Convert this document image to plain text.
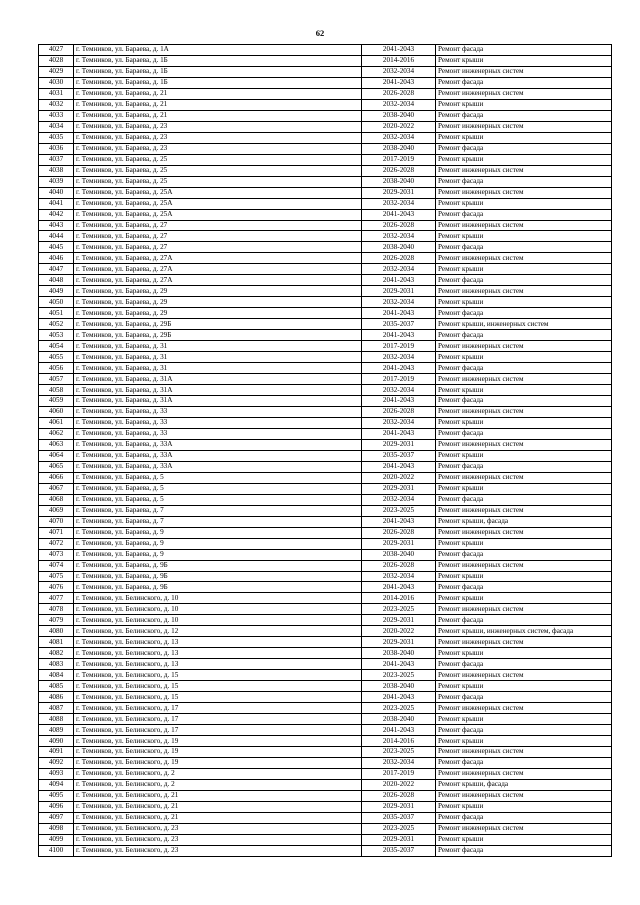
62
4027	г. Темников, ул. Бараева, д. 1А	2041-2043	Ремонт фасада
4028	г. Темников, ул. Бараева, д. 1Б	2014-2016	Ремонт крыши
4029	г. Темников, ул. Бараева, д. 1Б	2032-2034	Ремонт инженерных систем
4030	г. Темников, ул. Бараева, д. 1Б	2041-2043	Ремонт фасада
4031	г. Темников, ул. Бараева, д. 21	2026-2028	Ремонт инженерных систем
4032	г. Темников, ул. Бараева, д. 21	2032-2034	Ремонт крыши
4033	г. Темников, ул. Бараева, д. 21	2038-2040	Ремонт фасада
4034	г. Темников, ул. Бараева, д. 23	2020-2022	Ремонт инженерных систем
4035	г. Темников, ул. Бараева, д. 23	2032-2034	Ремонт крыши
4036	г. Темников, ул. Бараева, д. 23	2038-2040	Ремонт фасада
4037	г. Темников, ул. Бараева, д. 25	2017-2019	Ремонт крыши
4038	г. Темников, ул. Бараева, д. 25	2026-2028	Ремонт инженерных систем
4039	г. Темников, ул. Бараева, д. 25	2038-2040	Ремонт фасада
4040	г. Темников, ул. Бараева, д. 25А	2029-2031	Ремонт инженерных систем
4041	г. Темников, ул. Бараева, д. 25А	2032-2034	Ремонт крыши
4042	г. Темников, ул. Бараева, д. 25А	2041-2043	Ремонт фасада
4043	г. Темников, ул. Бараева, д. 27	2026-2028	Ремонт инженерных систем
4044	г. Темников, ул. Бараева, д. 27	2032-2034	Ремонт крыши
4045	г. Темников, ул. Бараева, д. 27	2038-2040	Ремонт фасада
4046	г. Темников, ул. Бараева, д. 27А	2026-2028	Ремонт инженерных систем
4047	г. Темников, ул. Бараева, д. 27А	2032-2034	Ремонт крыши
4048	г. Темников, ул. Бараева, д. 27А	2041-2043	Ремонт фасада
4049	г. Темников, ул. Бараева, д. 29	2029-2031	Ремонт инженерных систем
4050	г. Темников, ул. Бараева, д. 29	2032-2034	Ремонт крыши
4051	г. Темников, ул. Бараева, д. 29	2041-2043	Ремонт фасада
4052	г. Темников, ул. Бараева, д. 29Б	2035-2037	Ремонт крыши, инженерных систем
4053	г. Темников, ул. Бараева, д. 29Б	2041-2043	Ремонт фасада
4054	г. Темников, ул. Бараева, д. 31	2017-2019	Ремонт инженерных систем
4055	г. Темников, ул. Бараева, д. 31	2032-2034	Ремонт крыши
4056	г. Темников, ул. Бараева, д. 31	2041-2043	Ремонт фасада
4057	г. Темников, ул. Бараева, д. 31А	2017-2019	Ремонт инженерных систем
4058	г. Темников, ул. Бараева, д. 31А	2032-2034	Ремонт крыши
4059	г. Темников, ул. Бараева, д. 31А	2041-2043	Ремонт фасада
4060	г. Темников, ул. Бараева, д. 33	2026-2028	Ремонт инженерных систем
4061	г. Темников, ул. Бараева, д. 33	2032-2034	Ремонт крыши
4062	г. Темников, ул. Бараева, д. 33	2041-2043	Ремонт фасада
4063	г. Темников, ул. Бараева, д. 33А	2029-2031	Ремонт инженерных систем
4064	г. Темников, ул. Бараева, д. 33А	2035-2037	Ремонт крыши
4065	г. Темников, ул. Бараева, д. 33А	2041-2043	Ремонт фасада
4066	г. Темников, ул. Бараева, д. 5	2020-2022	Ремонт инженерных систем
4067	г. Темников, ул. Бараева, д. 5	2029-2031	Ремонт крыши
4068	г. Темников, ул. Бараева, д. 5	2032-2034	Ремонт фасада
4069	г. Темников, ул. Бараева, д. 7	2023-2025	Ремонт инженерных систем
4070	г. Темников, ул. Бараева, д. 7	2041-2043	Ремонт крыши, фасада
4071	г. Темников, ул. Бараева, д. 9	2026-2028	Ремонт инженерных систем
4072	г. Темников, ул. Бараева, д. 9	2029-2031	Ремонт крыши
4073	г. Темников, ул. Бараева, д. 9	2038-2040	Ремонт фасада
4074	г. Темников, ул. Бараева, д. 9Б	2026-2028	Ремонт инженерных систем
4075	г. Темников, ул. Бараева, д. 9Б	2032-2034	Ремонт крыши
4076	г. Темников, ул. Бараева, д. 9Б	2041-2043	Ремонт фасада
4077	г. Темников, ул. Белинского, д. 10	2014-2016	Ремонт крыши
4078	г. Темников, ул. Белинского, д. 10	2023-2025	Ремонт инженерных систем
4079	г. Темников, ул. Белинского, д. 10	2029-2031	Ремонт фасада
4080	г. Темников, ул. Белинского, д. 12	2020-2022	Ремонт крыши, инженерных систем, фасада
4081	г. Темников, ул. Белинского, д. 13	2029-2031	Ремонт инженерных систем
4082	г. Темников, ул. Белинского, д. 13	2038-2040	Ремонт крыши
4083	г. Темников, ул. Белинского, д. 13	2041-2043	Ремонт фасада
4084	г. Темников, ул. Белинского, д. 15	2023-2025	Ремонт инженерных систем
4085	г. Темников, ул. Белинского, д. 15	2038-2040	Ремонт крыши
4086	г. Темников, ул. Белинского, д. 15	2041-2043	Ремонт фасада
4087	г. Темников, ул. Белинского, д. 17	2023-2025	Ремонт инженерных систем
4088	г. Темников, ул. Белинского, д. 17	2038-2040	Ремонт крыши
4089	г. Темников, ул. Белинского, д. 17	2041-2043	Ремонт фасада
4090	г. Темников, ул. Белинского, д. 19	2014-2016	Ремонт крыши
4091	г. Темников, ул. Белинского, д. 19	2023-2025	Ремонт инженерных систем
4092	г. Темников, ул. Белинского, д. 19	2032-2034	Ремонт фасада
4093	г. Темников, ул. Белинского, д. 2	2017-2019	Ремонт инженерных систем
4094	г. Темников, ул. Белинского, д. 2	2020-2022	Ремонт крыши, фасада
4095	г. Темников, ул. Белинского, д. 21	2026-2028	Ремонт инженерных систем
4096	г. Темников, ул. Белинского, д. 21	2029-2031	Ремонт крыши
4097	г. Темников, ул. Белинского, д. 21	2035-2037	Ремонт фасада
4098	г. Темников, ул. Белинского, д. 23	2023-2025	Ремонт инженерных систем
4099	г. Темников, ул. Белинского, д. 23	2029-2031	Ремонт крыши
4100	г. Темников, ул. Белинского, д. 23	2035-2037	Ремонт фасада
